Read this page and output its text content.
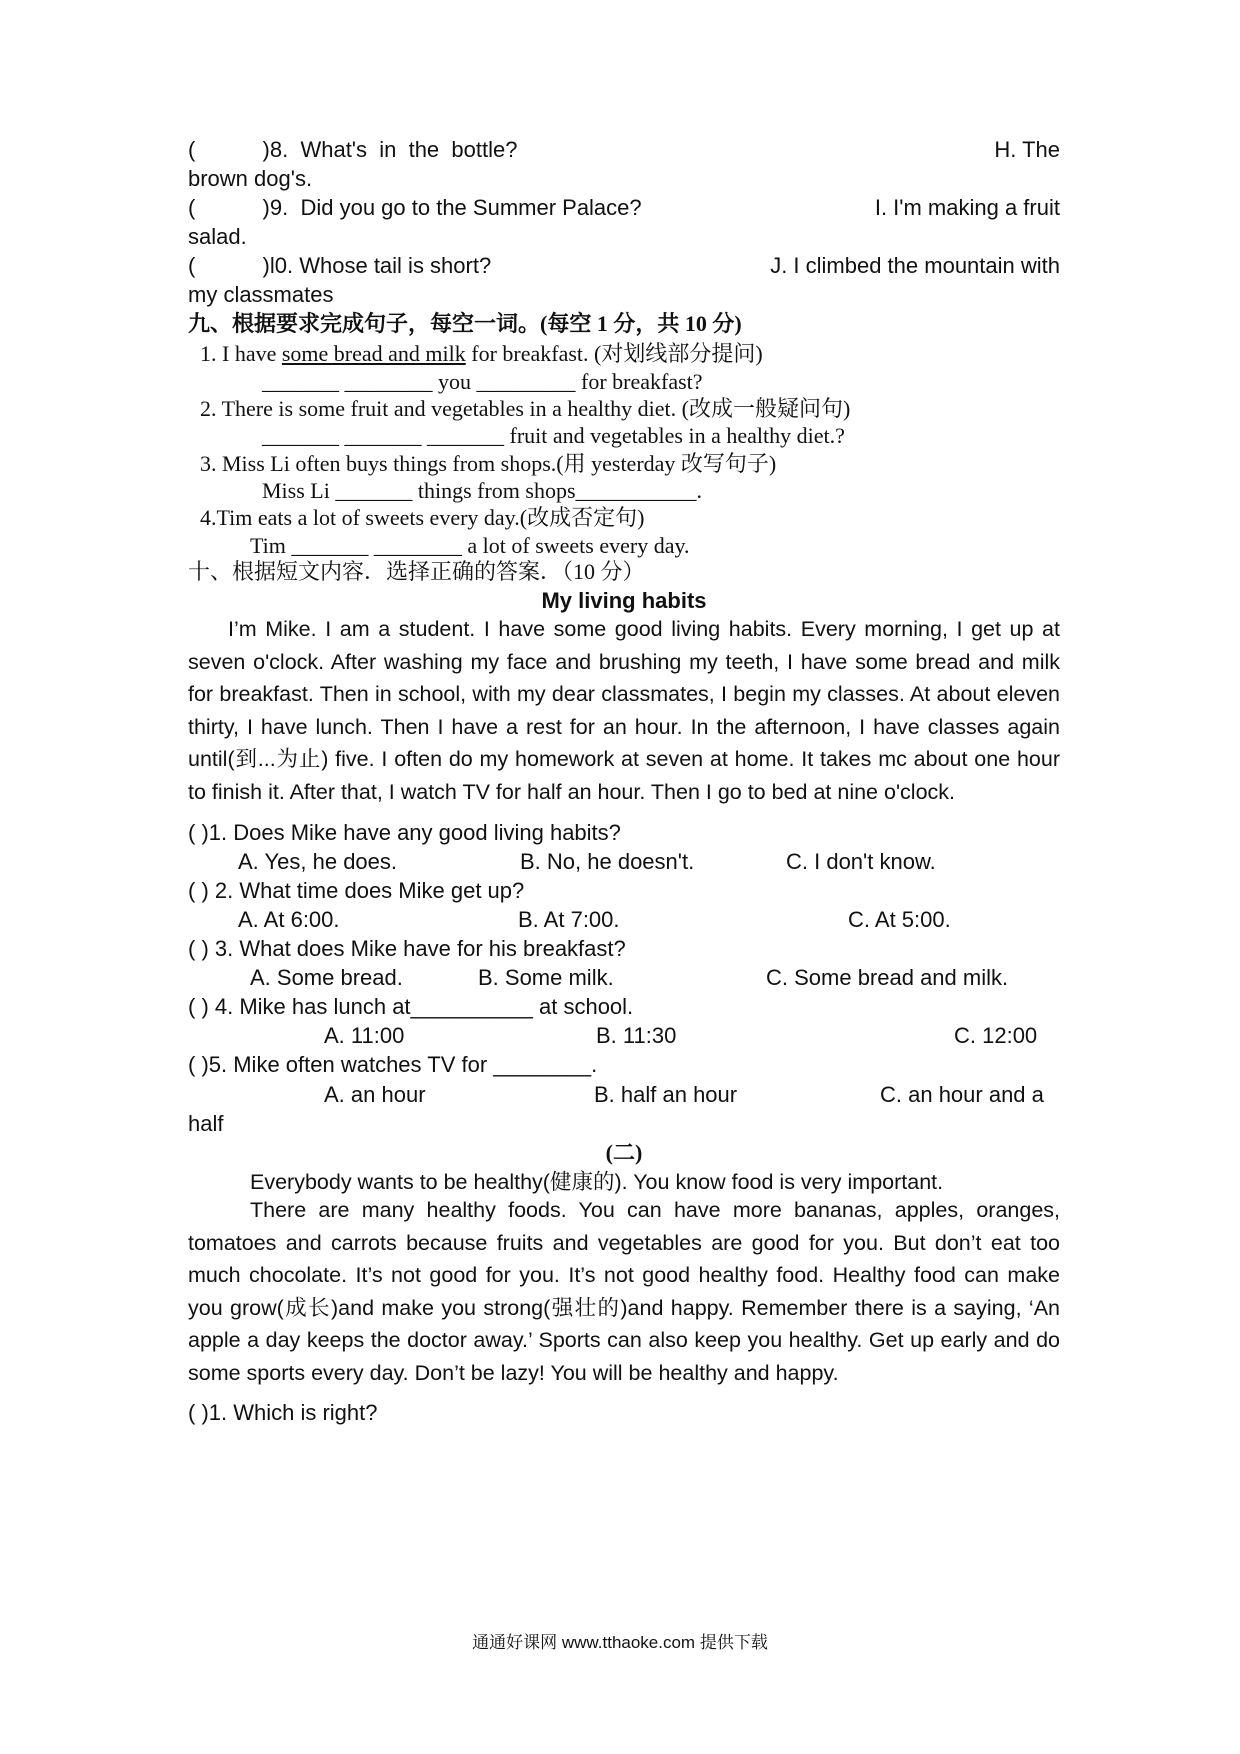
(           )8.  What's  in  the  bottle?	H. The
brown dog's.
(           )9.  Did you go to the Summer Palace?	I. I'm making a fruit
salad.
(           )l0. Whose tail is short?	J. I climbed the mountain with
my classmates
九、根据要求完成句子，每空一词。(每空 1 分，共 10 分)
1. I have some bread and milk for breakfast. (对划线部分提问)
_______ ________ you _________ for breakfast?
2. There is some fruit and vegetables in a healthy diet. (改成一般疑问句)
_______ _______ _______ fruit and vegetables in a healthy diet.?
3. Miss Li often buys things from shops.(用 yesterday 改写句子)
Miss Li _______ things from shops___________.
4.Tim eats a lot of sweets every day.(改成否定句)
Tim _______ ________ a lot of sweets every day.
十、根据短文内容．选择正确的答案．（10 分）
My living habits
I’m Mike. I am a student. I have some good living habits. Every morning, I get up at seven o'clock. After washing my face and brushing my teeth, I have some bread and milk for breakfast. Then in school, with my dear classmates, I begin my classes. At about eleven thirty, I have lunch. Then I have a rest for an hour. In the afternoon, I have classes again until(到...为止) five. I often do my homework at seven at home. It takes mc about one hour to finish it. After that, I watch TV for half an hour. Then I go to bed at nine o'clock.
( )1. Does Mike have any good living habits?
A. Yes, he does.	B. No, he doesn't.	C. I don't know.
( ) 2. What time does Mike get up?
A. At 6:00.	B. At 7:00.	C. At 5:00.
( ) 3. What does Mike have for his breakfast?
A. Some bread.	B. Some milk.	C. Some bread and milk.
( ) 4. Mike has lunch at__________ at school.
A. 11:00	B. 11:30	C. 12:00
( )5. Mike often watches TV for ________.
A. an hour	B. half an hour	C. an hour and a
half
(二)
Everybody wants to be healthy(健康的). You know food is very important.
There are many healthy foods. You can have more bananas, apples, oranges, tomatoes and carrots because fruits and vegetables are good for you. But don’t eat too much chocolate. It’s not good for you. It’s not good healthy food. Healthy food can make you grow(成长)and make you strong(强壮的)and happy. Remember there is a saying, ‘An apple a day keeps the doctor away.’ Sports can also keep you healthy. Get up early and do some sports every day. Don’t be lazy! You will be healthy and happy.
( )1. Which is right?
通通好课网 www.tthaoke.com 提供下载
